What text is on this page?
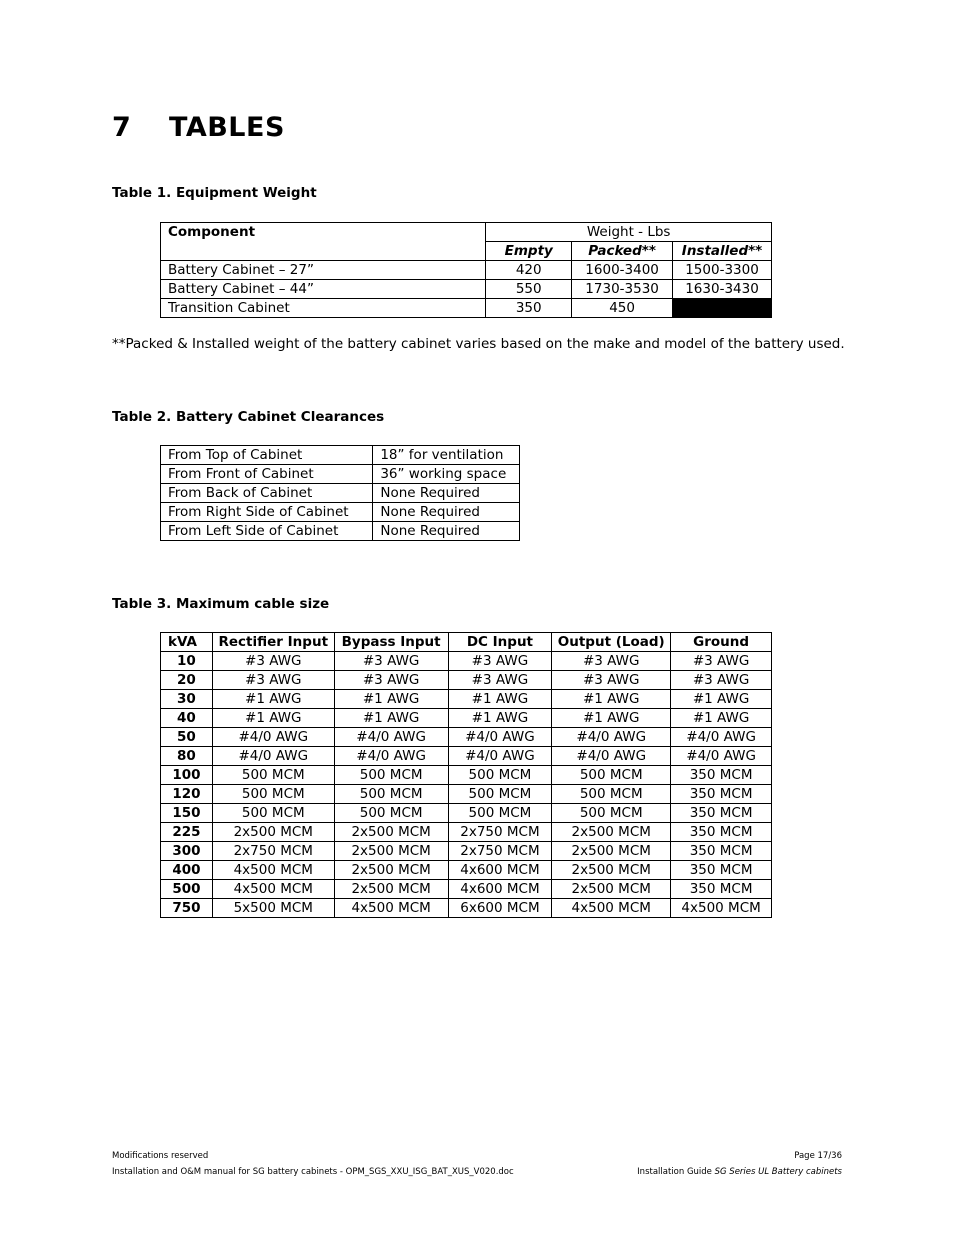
7 TABLES
Table 1. Equipment Weight
Component	Weight - Lbs		
	Empty	Packed**	Installed**
Battery Cabinet – 27”	420	1600-3400	1500-3300
Battery Cabinet – 44”	550	1730-3530	1630-3430
Transition Cabinet	350	450	
**Packed & Installed weight of the battery cabinet varies based on the make and model of the battery used.
Table 2. Battery Cabinet Clearances
From Top of Cabinet	18” for ventilation
From Front of Cabinet	36” working space
From Back of Cabinet	None Required
From Right Side of Cabinet	None Required
From Left Side of Cabinet	None Required
Table 3. Maximum cable size
kVA	Rectifier Input	Bypass Input	DC Input	Output (Load)	Ground
10	#3 AWG	#3 AWG	#3 AWG	#3 AWG	#3 AWG
20	#3 AWG	#3 AWG	#3 AWG	#3 AWG	#3 AWG
30	#1 AWG	#1 AWG	#1 AWG	#1 AWG	#1 AWG
40	#1 AWG	#1 AWG	#1 AWG	#1 AWG	#1 AWG
50	#4/0 AWG	#4/0 AWG	#4/0 AWG	#4/0 AWG	#4/0 AWG
80	#4/0 AWG	#4/0 AWG	#4/0 AWG	#4/0 AWG	#4/0 AWG
100	500 MCM	500 MCM	500 MCM	500 MCM	350 MCM
120	500 MCM	500 MCM	500 MCM	500 MCM	350 MCM
150	500 MCM	500 MCM	500 MCM	500 MCM	350 MCM
225	2x500 MCM	2x500 MCM	2x750 MCM	2x500 MCM	350 MCM
300	2x750 MCM	2x500 MCM	2x750 MCM	2x500 MCM	350 MCM
400	4x500 MCM	2x500 MCM	4x600 MCM	2x500 MCM	350 MCM
500	4x500 MCM	2x500 MCM	4x600 MCM	2x500 MCM	350 MCM
750	5x500 MCM	4x500 MCM	6x600 MCM	4x500 MCM	4x500 MCM
Modifications reserved
Installation and O&M manual for SG battery cabinets - OPM_SGS_XXU_ISG_BAT_XUS_V020.doc
Page 17/36
Installation Guide SG Series UL Battery cabinets
